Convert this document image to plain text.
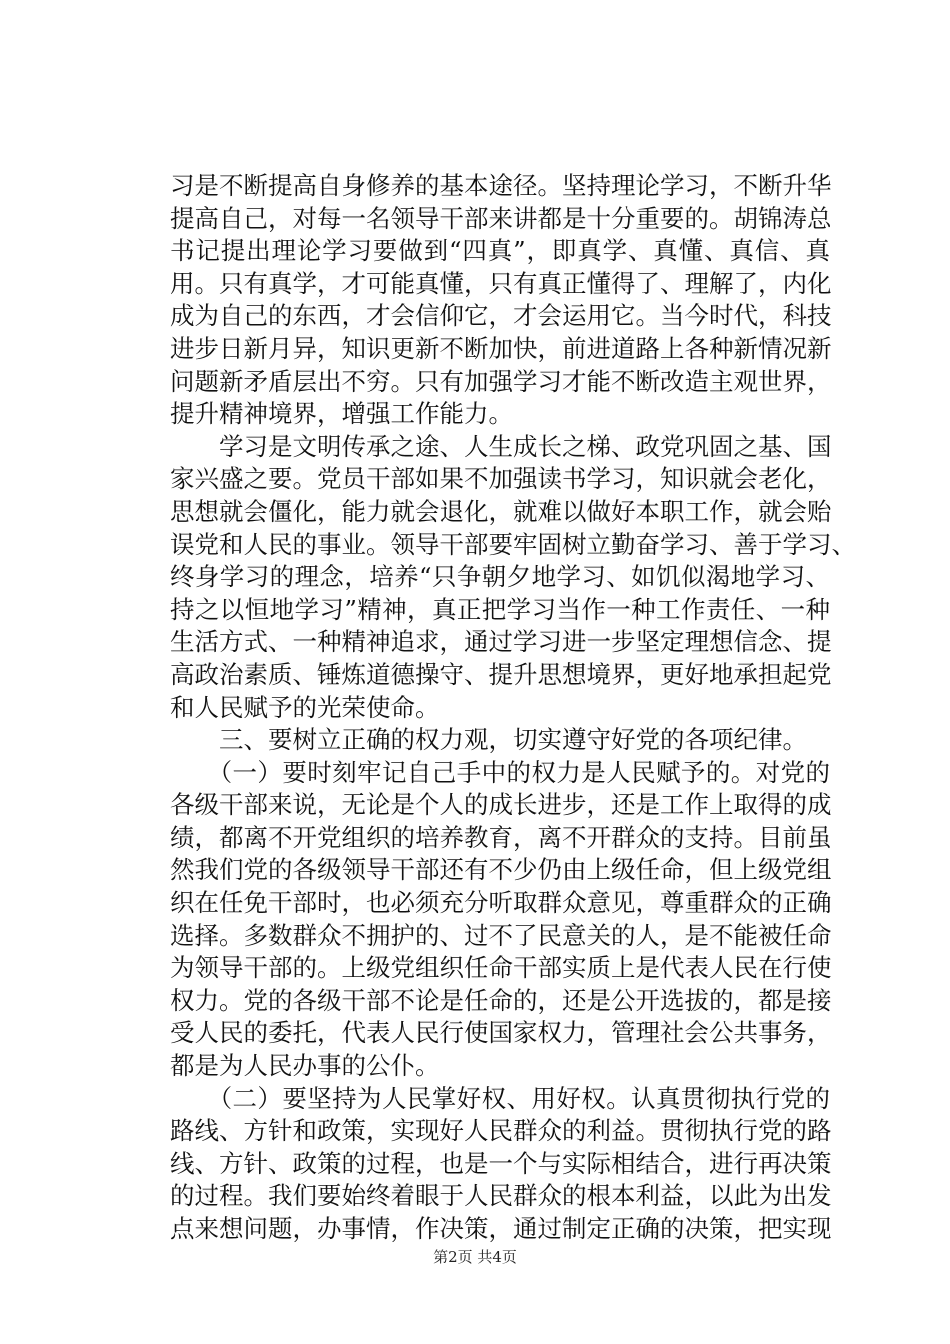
习是不断提高自身修养的基本途径。坚持理论学习，不断升华
提高自己，对每一名领导干部来讲都是十分重要的。胡锦涛总
书记提出理论学习要做到“四真”，即真学、真懂、真信、真
用。只有真学，才可能真懂，只有真正懂得了、理解了，内化
成为自己的东西，才会信仰它，才会运用它。当今时代，科技
进步日新月异，知识更新不断加快，前进道路上各种新情况新
问题新矛盾层出不穷。只有加强学习才能不断改造主观世界，
提升精神境界，增强工作能力。
　　学习是文明传承之途、人生成长之梯、政党巩固之基、国
家兴盛之要。党员干部如果不加强读书学习，知识就会老化，
思想就会僵化，能力就会退化，就难以做好本职工作，就会贻
误党和人民的事业。领导干部要牢固树立勤奋学习、善于学习、
终身学习的理念，培养“只争朝夕地学习、如饥似渴地学习、
持之以恒地学习”精神，真正把学习当作一种工作责任、一种
生活方式、一种精神追求，通过学习进一步坚定理想信念、提
高政治素质、锤炼道德操守、提升思想境界，更好地承担起党
和人民赋予的光荣使命。
　　三、要树立正确的权力观，切实遵守好党的各项纪律。
　　（一）要时刻牢记自己手中的权力是人民赋予的。对党的
各级干部来说，无论是个人的成长进步，还是工作上取得的成
绩，都离不开党组织的培养教育，离不开群众的支持。目前虽
然我们党的各级领导干部还有不少仍由上级任命，但上级党组
织在任免干部时，也必须充分听取群众意见，尊重群众的正确
选择。多数群众不拥护的、过不了民意关的人，是不能被任命
为领导干部的。上级党组织任命干部实质上是代表人民在行使
权力。党的各级干部不论是任命的，还是公开选拔的，都是接
受人民的委托，代表人民行使国家权力，管理社会公共事务，
都是为人民办事的公仆。
　　（二）要坚持为人民掌好权、用好权。认真贯彻执行党的
路线、方针和政策，实现好人民群众的利益。贯彻执行党的路
线、方针、政策的过程，也是一个与实际相结合，进行再决策
的过程。我们要始终着眼于人民群众的根本利益，以此为出发
点来想问题，办事情，作决策，通过制定正确的决策，把实现
第2页 共4页
